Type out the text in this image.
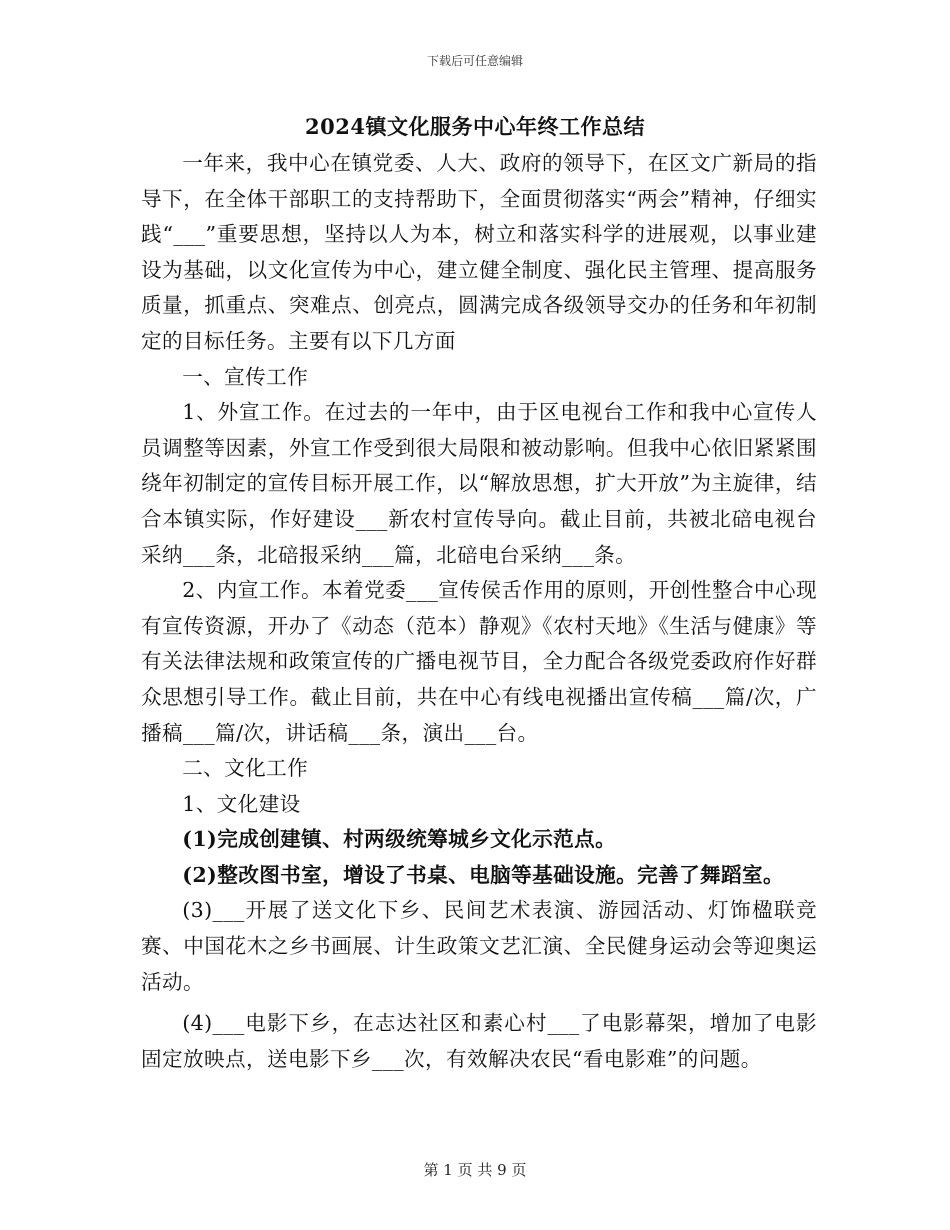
下载后可任意编辑
2024镇文化服务中心年终工作总结

一年来，我中心在镇党委、人大、政府的领导下，在区文广新局的指导下，在全体干部职工的支持帮助下，全面贯彻落实“两会”精神，仔细实践“___”重要思想，坚持以人为本，树立和落实科学的进展观，以事业建设为基础，以文化宣传为中心，建立健全制度、强化民主管理、提高服务质量，抓重点、突难点、创亮点，圆满完成各级领导交办的任务和年初制定的目标任务。主要有以下几方面

一、宣传工作

1、外宣工作。在过去的一年中，由于区电视台工作和我中心宣传人员调整等因素，外宣工作受到很大局限和被动影响。但我中心依旧紧紧围绕年初制定的宣传目标开展工作，以“解放思想，扩大开放”为主旋律，结合本镇实际，作好建设___新农村宣传导向。截止目前，共被北碚电视台采纳___条，北碚报采纳___篇，北碚电台采纳___条。

2、内宣工作。本着党委___宣传侯舌作用的原则，开创性整合中心现有宣传资源，开办了《动态（范本）静观》《农村天地》《生活与健康》等有关法律法规和政策宣传的广播电视节目，全力配合各级党委政府作好群众思想引导工作。截止目前，共在中心有线电视播出宣传稿___篇/次，广播稿___篇/次，讲话稿___条，演出___台。

二、文化工作

1、文化建设

(1)完成创建镇、村两级统筹城乡文化示范点。

(2)整改图书室，增设了书桌、电脑等基础设施。完善了舞蹈室。

(3)___开展了送文化下乡、民间艺术表演、游园活动、灯饰楹联竞赛、中国花木之乡书画展、计生政策文艺汇演、全民健身运动会等迎奥运活动。

(4)___电影下乡，在志达社区和素心村___了电影幕架，增加了电影固定放映点，送电影下乡___次，有效解决农民“看电影难”的问题。

第 1 页 共 9 页
